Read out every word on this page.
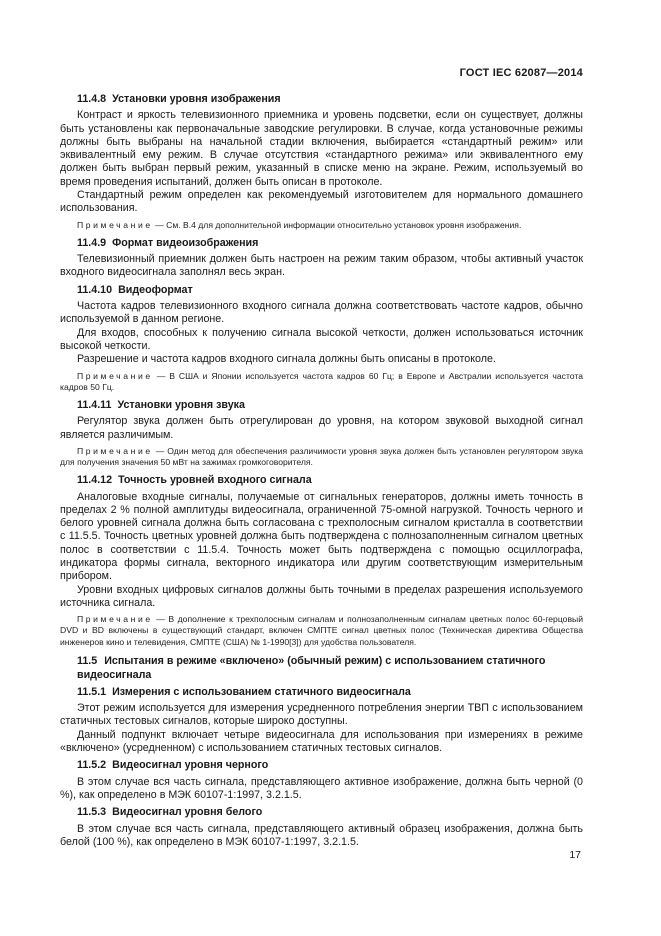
ГОСТ IEC 62087—2014
11.4.8 Установки уровня изображения
Контраст и яркость телевизионного приемника и уровень подсветки, если он существует, должны быть установлены как первоначальные заводские регулировки. В случае, когда установочные режимы должны быть выбраны на начальной стадии включения, выбирается «стандартный режим» или эквивалентный ему режим. В случае отсутствия «стандартного режима» или эквивалентного ему должен быть выбран первый режим, указанный в списке меню на экране. Режим, используемый во время проведения испытаний, должен быть описан в протоколе.
Стандартный режим определен как рекомендуемый изготовителем для нормального домашнего использования.
Примечание — См. В.4 для дополнительной информации относительно установок уровня изображения.
11.4.9 Формат видеоизображения
Телевизионный приемник должен быть настроен на режим таким образом, чтобы активный участок входного видеосигнала заполнял весь экран.
11.4.10 Видеоформат
Частота кадров телевизионного входного сигнала должна соответствовать частоте кадров, обычно используемой в данном регионе.
Для входов, способных к получению сигнала высокой четкости, должен использоваться источник высокой четкости.
Разрешение и частота кадров входного сигнала должны быть описаны в протоколе.
Примечание — В США и Японии используется частота кадров 60 Гц; в Европе и Австралии используется частота кадров 50 Гц.
11.4.11 Установки уровня звука
Регулятор звука должен быть отрегулирован до уровня, на котором звуковой выходной сигнал является различимым.
Примечание — Один метод для обеспечения различимости уровня звука должен быть установлен регулятором звука для получения значения 50 мВт на зажимах громкоговорителя.
11.4.12 Точность уровней входного сигнала
Аналоговые входные сигналы, получаемые от сигнальных генераторов, должны иметь точность в пределах 2 % полной амплитуды видеосигнала, ограниченной 75-омной нагрузкой. Точность черного и белого уровней сигнала должна быть согласована с трехполосным сигналом кристалла в соответствии с 11.5.5. Точность цветных уровней должна быть подтверждена с полнозаполненным сигналом цветных полос в соответствии с 11.5.4. Точность может быть подтверждена с помощью осциллографа, индикатора формы сигнала, векторного индикатора или другим соответствующим измерительным прибором.
Уровни входных цифровых сигналов должны быть точными в пределах разрешения используемого источника сигнала.
Примечание — В дополнение к трехполосным сигналам и полнозаполненным сигналам цветных полос 60-герцовый DVD и BD включены в существующий стандарт, включен СМПТЕ сигнал цветных полос (Техническая директива Общества инженеров кино и телевидения, СМПТЕ (США) № 1-1990[3]) для удобства пользователя.
11.5 Испытания в режиме «включено» (обычный режим) с использованием статичного видеосигнала
11.5.1 Измерения с использованием статичного видеосигнала
Этот режим используется для измерения усредненного потребления энергии ТВП с использованием статичных тестовых сигналов, которые широко доступны.
Данный подпункт включает четыре видеосигнала для использования при измерениях в режиме «включено» (усредненном) с использованием статичных тестовых сигналов.
11.5.2 Видеосигнал уровня черного
В этом случае вся часть сигнала, представляющего активное изображение, должна быть черной (0 %), как определено в МЭК 60107-1:1997, 3.2.1.5.
11.5.3 Видеосигнал уровня белого
В этом случае вся часть сигнала, представляющего активный образец изображения, должна быть белой (100 %), как определено в МЭК 60107-1:1997, 3.2.1.5.
17
